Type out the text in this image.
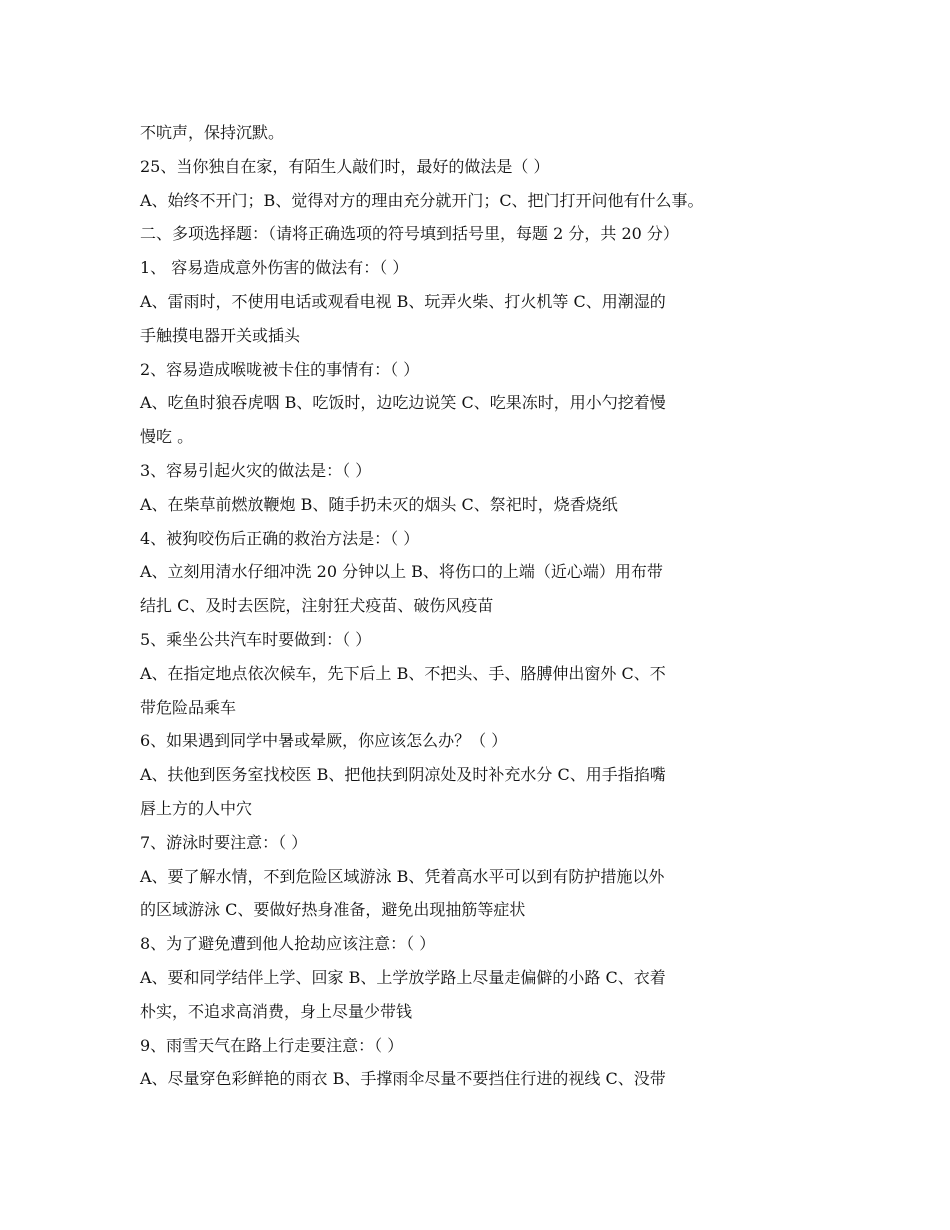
不吭声，保持沉默。
25、当你独自在家，有陌生人敲们时，最好的做法是（ ）
A、始终不开门；B、觉得对方的理由充分就开门；C、把门打开问他有什么事。
二、多项选择题：（请将正确选项的符号填到括号里，每题 2 分，共 20 分）
1、 容易造成意外伤害的做法有：（ ）
A、雷雨时，不使用电话或观看电视 B、玩弄火柴、打火机等 C、用潮湿的
手触摸电器开关或插头
2、容易造成喉咙被卡住的事情有：（ ）
A、吃鱼时狼吞虎咽 B、吃饭时，边吃边说笑 C、吃果冻时，用小勺挖着慢
慢吃 。
3、容易引起火灾的做法是：（ ）
A、在柴草前燃放鞭炮 B、随手扔未灭的烟头 C、祭祀时，烧香烧纸
4、被狗咬伤后正确的救治方法是：（ ）
A、立刻用清水仔细冲洗 20 分钟以上 B、将伤口的上端（近心端）用布带
结扎 C、及时去医院，注射狂犬疫苗、破伤风疫苗
5、乘坐公共汽车时要做到：（ ）
A、在指定地点依次候车，先下后上 B、不把头、手、胳膊伸出窗外 C、不
带危险品乘车
6、如果遇到同学中暑或晕厥，你应该怎么办？（ ）
A、扶他到医务室找校医 B、把他扶到阴凉处及时补充水分 C、用手指掐嘴
唇上方的人中穴
7、游泳时要注意：（ ）
A、要了解水情，不到危险区域游泳 B、凭着高水平可以到有防护措施以外
的区域游泳 C、要做好热身准备，避免出现抽筋等症状
8、为了避免遭到他人抢劫应该注意：（ ）
A、要和同学结伴上学、回家 B、上学放学路上尽量走偏僻的小路 C、衣着
朴实，不追求高消费，身上尽量少带钱
9、雨雪天气在路上行走要注意：（ ）
A、尽量穿色彩鲜艳的雨衣 B、手撑雨伞尽量不要挡住行进的视线 C、没带
